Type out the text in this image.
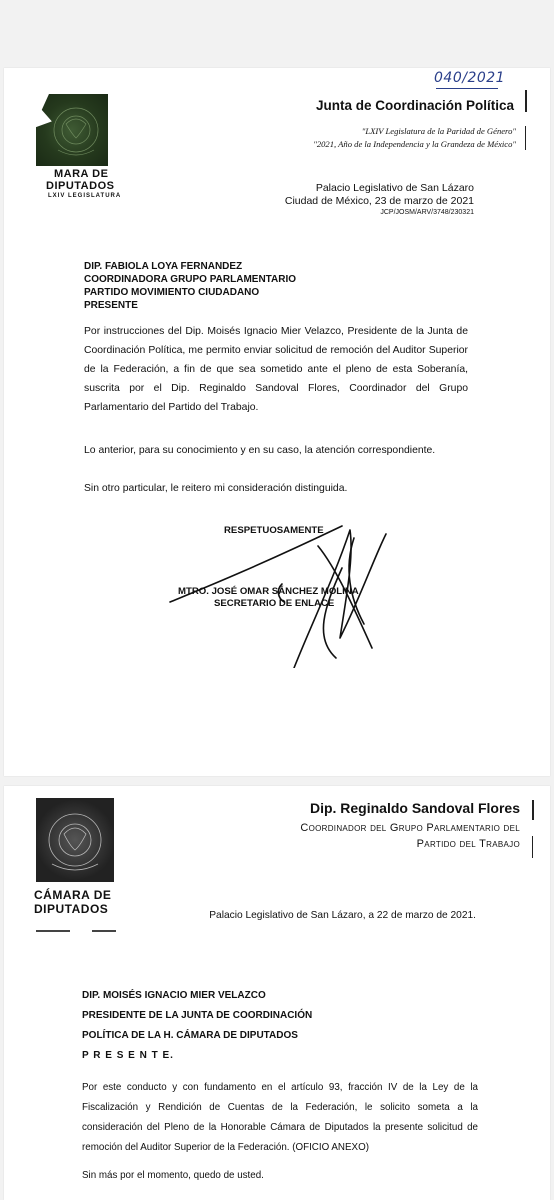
040/2021
MARA DE
DIPUTADOS
LXIV LEGISLATURA
Junta de Coordinación Política
"LXIV Legislatura de la Paridad de Género"
"2021, Año de la Independencia y la Grandeza de México"
Palacio Legislativo de San Lázaro
Ciudad de México, 23 de marzo de 2021
JCP/JOSM/ARV/3748/230321
DIP. FABIOLA LOYA FERNANDEZ
COORDINADORA GRUPO PARLAMENTARIO
PARTIDO MOVIMIENTO CIUDADANO
PRESENTE
Por instrucciones del Dip. Moisés Ignacio Mier Velazco, Presidente de la Junta de Coordinación Política, me permito enviar solicitud de remoción del Auditor Superior de la Federación, a fin de que sea sometido ante el pleno de esta Soberanía, suscrita por el Dip. Reginaldo Sandoval Flores, Coordinador del Grupo Parlamentario del Partido del Trabajo.
Lo anterior, para su conocimiento y en su caso, la atención correspondiente.
Sin otro particular, le reitero mi consideración distinguida.
RESPETUOSAMENTE
MTRO. JOSÉ OMAR SÁNCHEZ MOLINA
SECRETARIO DE ENLACE
CÁMARA DE
DIPUTADOS
Dip. Reginaldo Sandoval Flores
Coordinador del Grupo Parlamentario del
Partido del Trabajo
Palacio Legislativo de San Lázaro, a 22 de marzo de 2021.
DIP. MOISÉS IGNACIO MIER VELAZCO
PRESIDENTE DE LA JUNTA DE COORDINACIÓN
POLÍTICA DE LA H. CÁMARA DE DIPUTADOS
P R E S E N T E.
Por este conducto y con fundamento en el artículo 93, fracción IV de la Ley de la Fiscalización y Rendición de Cuentas de la Federación, le solicito someta a la consideración del Pleno de la Honorable Cámara de Diputados la presente solicitud de remoción del Auditor Superior de la Federación. (OFICIO ANEXO)
Sin más por el momento, quedo de usted.
